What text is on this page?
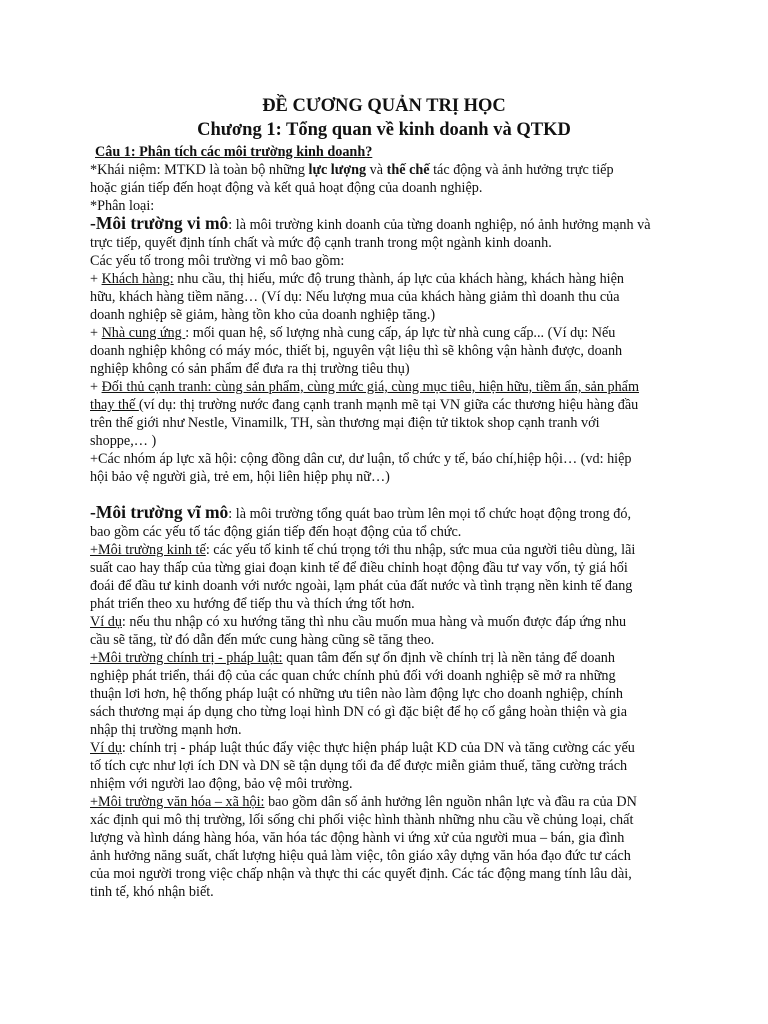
ĐỀ CƯƠNG QUẢN TRỊ HỌC
Chương 1: Tổng quan về kinh doanh và QTKD

Câu 1: Phân tích các môi trường kinh doanh?

*Khái niệm: MTKD là toàn bộ những lực lượng và thế chế tác động và ảnh hưởng trực tiếp

hoặc gián tiếp đến hoạt động và kết quả hoạt động của doanh nghiệp.

*Phân loại:

-Môi trường vi mô: là môi trường kinh doanh của từng doanh nghiệp, nó ảnh hưởng mạnh và

trực tiếp, quyết định tính chất và mức độ cạnh tranh trong một ngành kinh doanh.

Các yếu tố trong môi trường vi mô bao gồm:

+ Khách hàng: nhu cầu, thị hiếu, mức độ trung thành, áp lực của khách hàng, khách hàng hiện

hữu, khách hàng tiềm năng… (Ví dụ: Nếu lượng mua của khách hàng giảm thì doanh thu của

doanh nghiệp sẽ giảm, hàng tồn kho của doanh nghiệp tăng.)

+ Nhà cung ứng : mối quan hệ, số lượng nhà cung cấp, áp lực từ nhà cung cấp... (Ví dụ: Nếu

doanh nghiệp không có máy móc, thiết bị, nguyên vật liệu thì sẽ không vận hành được, doanh

nghiệp không có sản phẩm để đưa ra thị trường tiêu thụ)

+ Đối thủ cạnh tranh: cùng sản phẩm, cùng mức giá, cùng mục tiêu, hiện hữu, tiềm ẩn, sản phẩm

thay thế (ví dụ: thị trường nước đang cạnh tranh mạnh mẽ tại VN giữa các thương hiệu hàng đầu

trên thế giới như Nestle, Vinamilk, TH, sàn thương mại điện tử tiktok shop cạnh tranh với

shoppe,… )

+Các nhóm áp lực xã hội: cộng đồng dân cư, dư luận, tổ chức y tế, báo chí,hiệp hội… (vd: hiệp

hội bảo vệ người già, trẻ em, hội liên hiệp phụ nữ…)

-Môi trường vĩ mô: là môi trường tổng quát bao trùm lên mọi tổ chức hoạt động trong đó,

bao gồm các yếu tố tác động gián tiếp đến hoạt động của tổ chức.

+Môi trường kinh tế: các yếu tố kinh tế chú trọng tới thu nhập, sức mua của người tiêu dùng, lãi

suất cao hay thấp của từng giai đoạn kinh tế để điều chỉnh hoạt động đầu tư vay vốn, tỷ giá hối

đoái để đầu tư kinh doanh với nước ngoài, lạm phát của đất nước và tình trạng nền kinh tế đang

phát triển theo xu hướng để tiếp thu và thích ứng tốt hơn.

Ví dụ: nếu thu nhập có xu hướng tăng thì nhu cầu muốn mua hàng và muốn được đáp ứng nhu

cầu sẽ tăng, từ đó dẫn đến mức cung hàng cũng sẽ tăng theo.

+Môi trường chính trị - pháp luật: quan tâm đến sự ổn định về chính trị là nền tảng để doanh

nghiệp phát triển, thái độ của các quan chức chính phủ đối với doanh nghiệp sẽ mở ra những

thuận lơi hơn, hệ thống pháp luật có những ưu tiên nào làm động lực cho doanh nghiệp, chính

sách thương mại áp dụng cho từng loại hình DN có gì đặc biệt để họ cố gắng hoàn thiện và gia

nhập thị trường mạnh hơn.

Ví dụ: chính trị - pháp luật thúc đẩy việc thực hiện pháp luật KD của DN và tăng cường các yếu

tố tích cực như lợi ích DN và DN sẽ tận dụng tối đa để được miễn giảm thuế, tăng cường trách

nhiệm với người lao động, bảo vệ môi trường.

+Môi trường văn hóa – xã hội: bao gồm dân số ảnh hưởng lên nguồn nhân lực và đầu ra của DN

xác định qui mô thị trường, lối sống chi phối việc hình thành những nhu cầu về chủng loại, chất

lượng và hình dáng hàng hóa, văn hóa tác động hành vi ứng xử của người mua – bán, gia đình

ảnh hưởng năng suất, chất lượng hiệu quả làm việc, tôn giáo xây dựng văn hóa đạo đức tư cách

của moi người trong việc chấp nhận và thực thi các quyết định. Các tác động mang tính lâu dài,

tinh tế, khó nhận biết.
